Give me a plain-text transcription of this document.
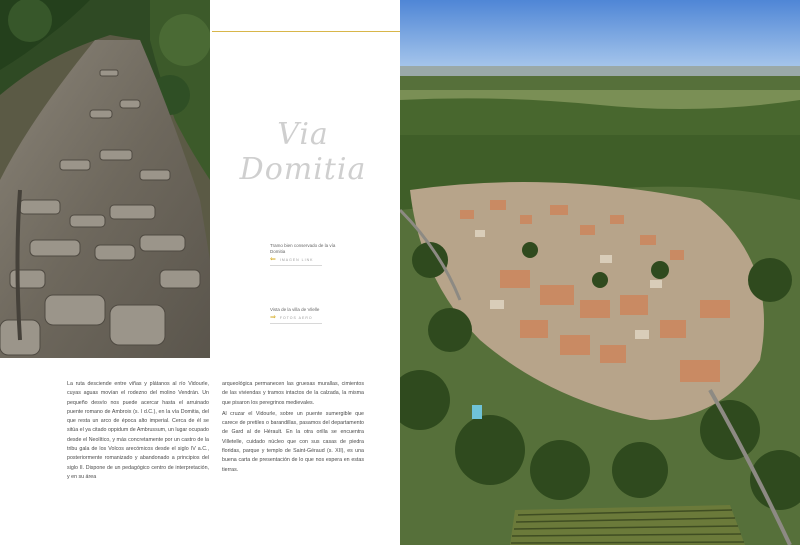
Via
Domitia
Tramo bien conservado de la vía Domitia
⇐ IMAGEN LINK
Vista de la villa de Vilelle
⇒ FOTOS AERO

La ruta desciende entre viñas y plátanos al río Vidourle, cuyas aguas movían el rodezno del molino Vendrán. Un pequeño desvío nos puede acercar hasta el arruinado puente romano de Ambroix (s. I d.C.), en la vía Domitia, del que resta un arco de época alto imperial. Cerca de él se sitúa el ya citado oppidum de Ambrussum, un lugar ocupado desde el Neolítico, y más concretamente por un castro de la tribu gala de los Volcos arecómicos desde el siglo IV a.C., posteriormente romanizado y abandonado a principios del siglo II. Dispone de un pedagógico centro de interpretación, y en su área

arqueológica permanecen las gruesas murallas, cimientos de las viviendas y tramos intactos de la calzada, la misma que pisaron los peregrinos medievales.

Al cruzar el Vidourle, sobre un puente sumergible que carece de pretiles o barandillas, pasamos del departamento de Gard al de Hérault. En la otra orilla se encuentra Villetelle, cuidado núcleo que con sus casas de piedra floridas, parque y templo de Saint-Géraud (s. XII), es una buena carta de presentación de lo que nos espera en estas tierras.
